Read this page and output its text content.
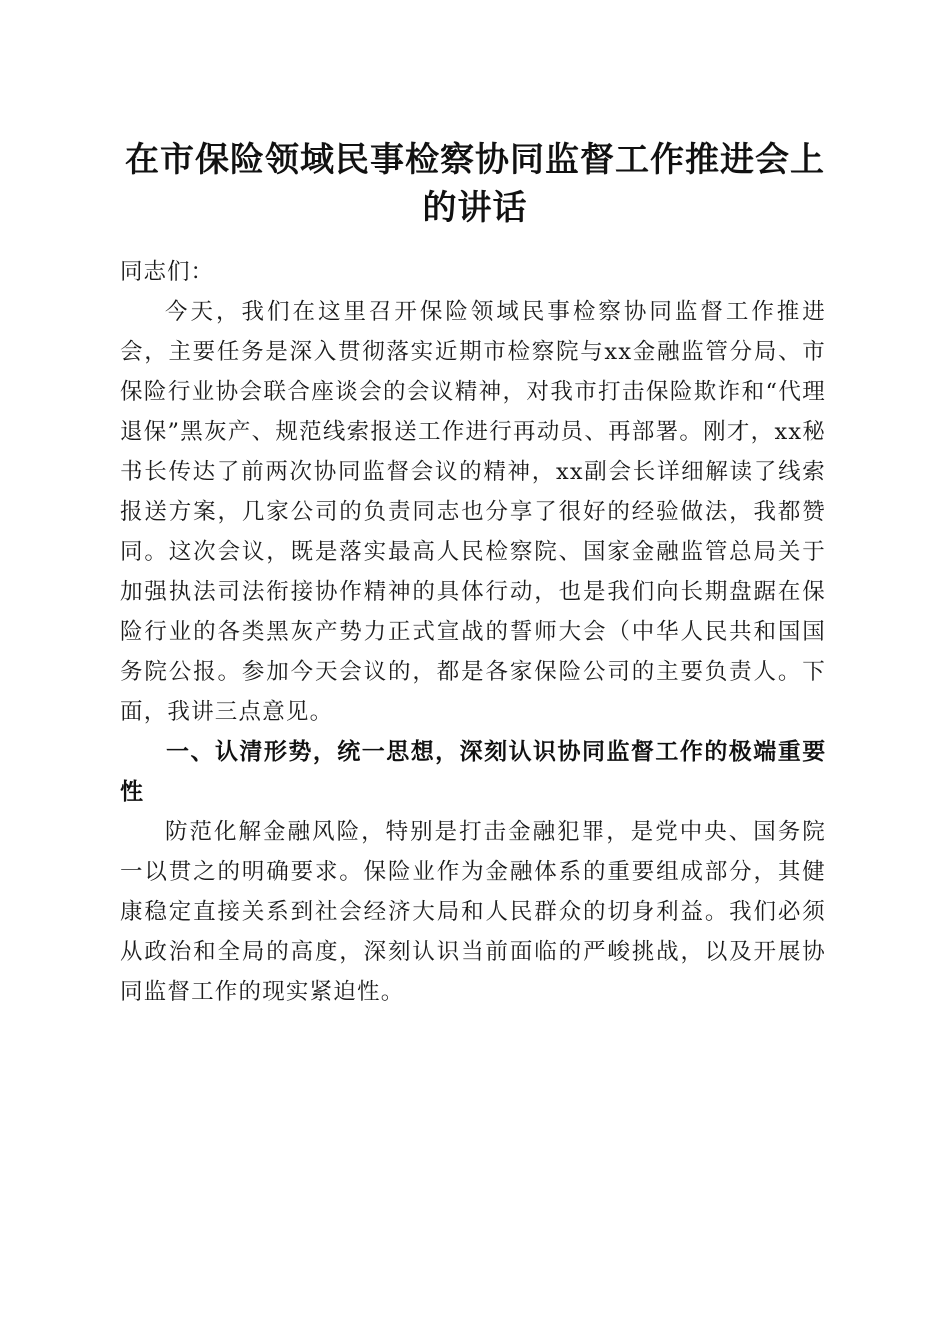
在市保险领域民事检察协同监督工作推进会上的讲话

同志们：

今天，我们在这里召开保险领域民事检察协同监督工作推进会，主要任务是深入贯彻落实近期市检察院与xx金融监管分局、市保险行业协会联合座谈会的会议精神，对我市打击保险欺诈和“代理退保”黑灰产、规范线索报送工作进行再动员、再部署。刚才，xx秘书长传达了前两次协同监督会议的精神，xx副会长详细解读了线索报送方案，几家公司的负责同志也分享了很好的经验做法，我都赞同。这次会议，既是落实最高人民检察院、国家金融监管总局关于加强执法司法衔接协作精神的具体行动，也是我们向长期盘踞在保险行业的各类黑灰产势力正式宣战的誓师大会（中华人民共和国国务院公报。参加今天会议的，都是各家保险公司的主要负责人。下面，我讲三点意见。

一、认清形势，统一思想，深刻认识协同监督工作的极端重要性

防范化解金融风险，特别是打击金融犯罪，是党中央、国务院一以贯之的明确要求。保险业作为金融体系的重要组成部分，其健康稳定直接关系到社会经济大局和人民群众的切身利益。我们必须从政治和全局的高度，深刻认识当前面临的严峻挑战，以及开展协同监督工作的现实紧迫性。
